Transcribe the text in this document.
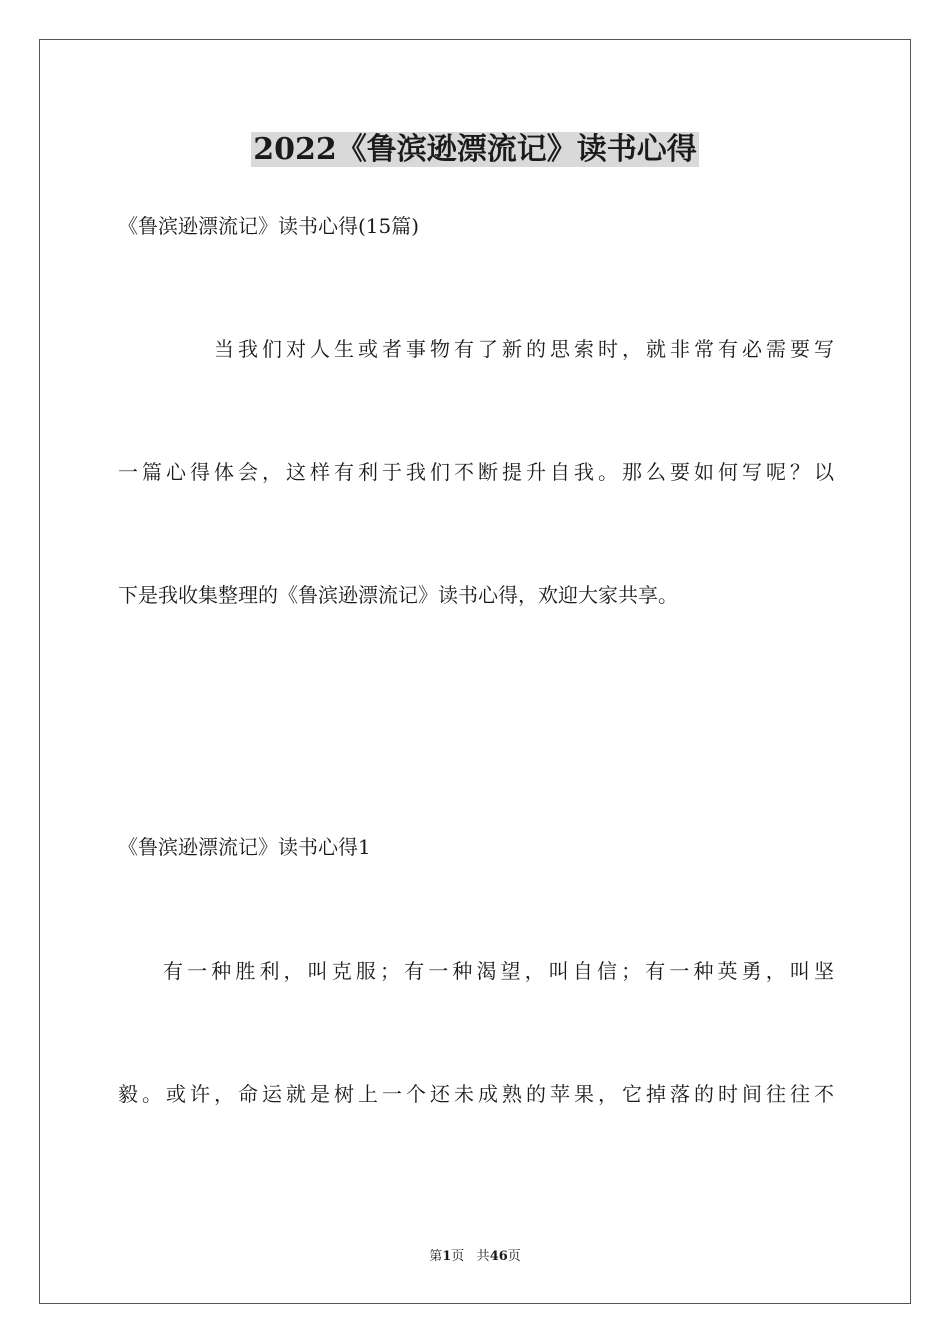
2022《鲁滨逊漂流记》读书心得

《鲁滨逊漂流记》读书心得(15篇)

当我们对人生或者事物有了新的思索时，就非常有必需要写

一篇心得体会，这样有利于我们不断提升自我。那么要如何写呢？以

下是我收集整理的《鲁滨逊漂流记》读书心得，欢迎大家共享。

《鲁滨逊漂流记》读书心得1

有一种胜利，叫克服；有一种渴望，叫自信；有一种英勇，叫坚

毅。或许，命运就是树上一个还未成熟的苹果，它掉落的时间往往不

第1页 共46页
